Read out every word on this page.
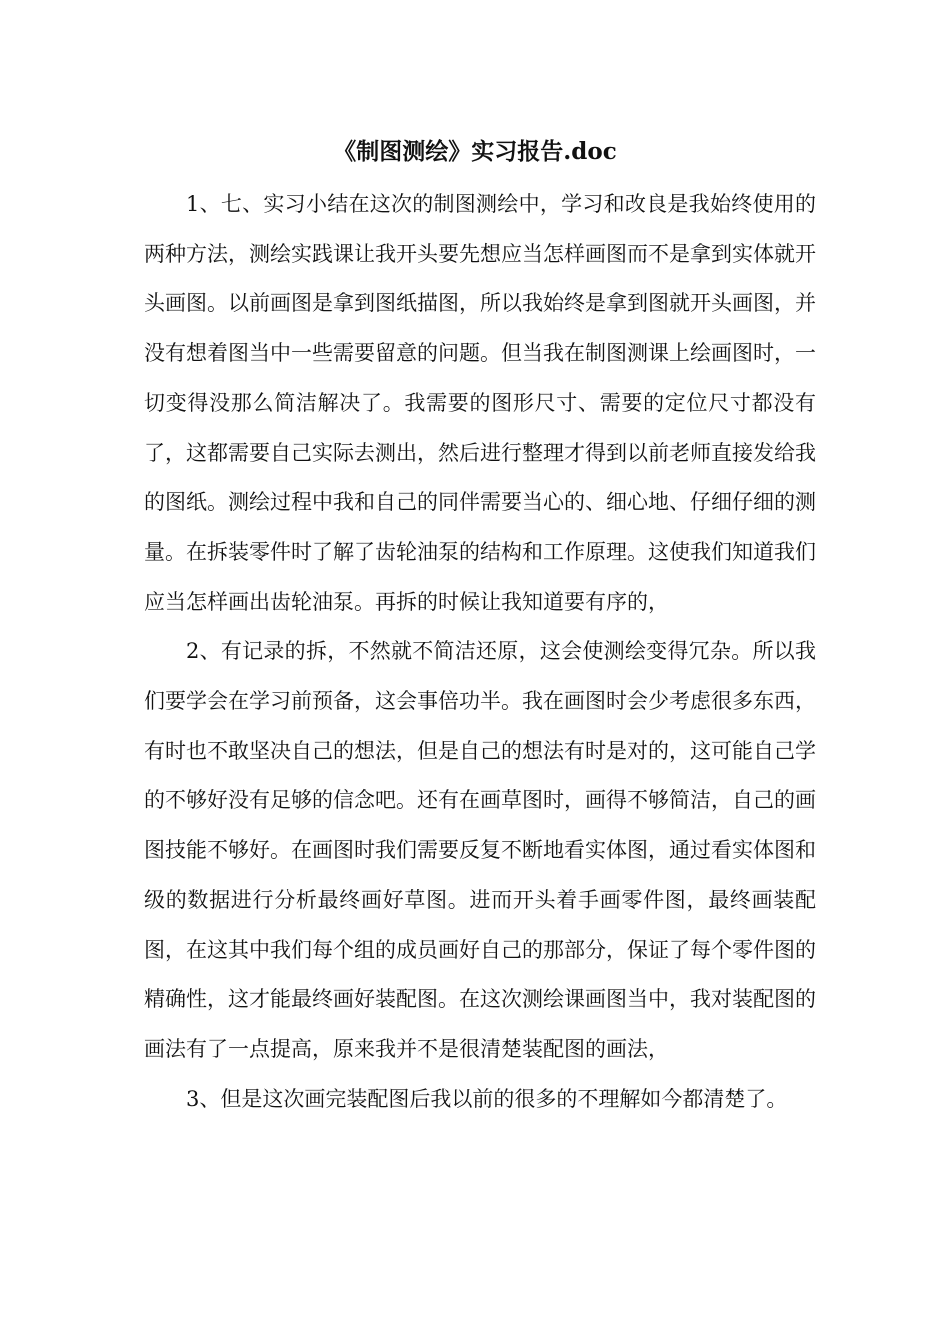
《制图测绘》实习报告.doc

1、七、实习小结在这次的制图测绘中，学习和改良是我始终使用的两种方法，测绘实践课让我开头要先想应当怎样画图而不是拿到实体就开头画图。以前画图是拿到图纸描图，所以我始终是拿到图就开头画图，并没有想着图当中一些需要留意的问题。但当我在制图测课上绘画图时，一切变得没那么简洁解决了。我需要的图形尺寸、需要的定位尺寸都没有了，这都需要自己实际去测出，然后进行整理才得到以前老师直接发给我的图纸。测绘过程中我和自己的同伴需要当心的、细心地、仔细仔细的测量。在拆装零件时了解了齿轮油泵的结构和工作原理。这使我们知道我们应当怎样画出齿轮油泵。再拆的时候让我知道要有序的，

2、有记录的拆，不然就不简洁还原，这会使测绘变得冗杂。所以我们要学会在学习前预备，这会事倍功半。我在画图时会少考虑很多东西，有时也不敢坚决自己的想法，但是自己的想法有时是对的，这可能自己学的不够好没有足够的信念吧。还有在画草图时，画得不够简洁，自己的画图技能不够好。在画图时我们需要反复不断地看实体图，通过看实体图和级的数据进行分析最终画好草图。进而开头着手画零件图，最终画装配图，在这其中我们每个组的成员画好自己的那部分，保证了每个零件图的精确性，这才能最终画好装配图。在这次测绘课画图当中，我对装配图的画法有了一点提高，原来我并不是很清楚装配图的画法，

3、但是这次画完装配图后我以前的很多的不理解如今都清楚了。
